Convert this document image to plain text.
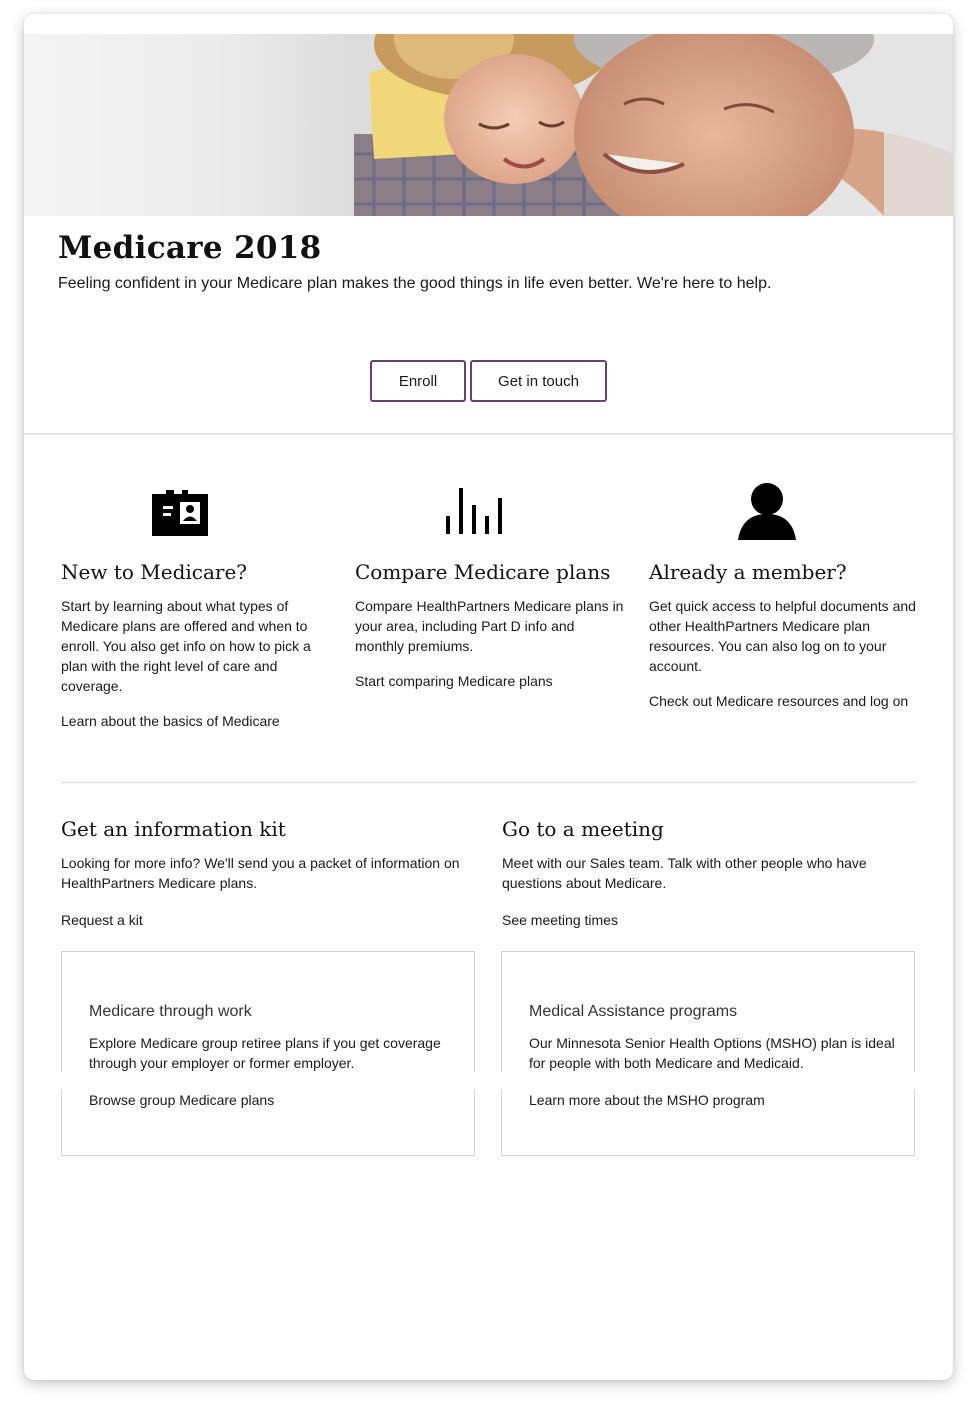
Medicare 2018
Feeling confident in your Medicare plan makes the good things in life even better. We're here to help.
Enroll	Get in touch
New to Medicare?

Start by learning about what types of Medicare plans are offered and when to enroll. You also get info on how to pick a plan with the right level of care and coverage.

Learn about the basics of Medicare
Compare Medicare plans

Compare HealthPartners Medicare plans in your area, including Part D info and monthly premiums.

Start comparing Medicare plans
Already a member?

Get quick access to helpful documents and other HealthPartners Medicare plan resources. You can also log on to your account.

Check out Medicare resources and log on
Get an information kit

Looking for more info? We'll send you a packet of information on HealthPartners Medicare plans.

Request a kit
Go to a meeting

Meet with our Sales team. Talk with other people who have questions about Medicare.

See meeting times
Medicare through work

Explore Medicare group retiree plans if you get coverage through your employer or former employer.

Browse group Medicare plans
Medical Assistance programs

Our Minnesota Senior Health Options (MSHO) plan is ideal for people with both Medicare and Medicaid.

Learn more about the MSHO program
